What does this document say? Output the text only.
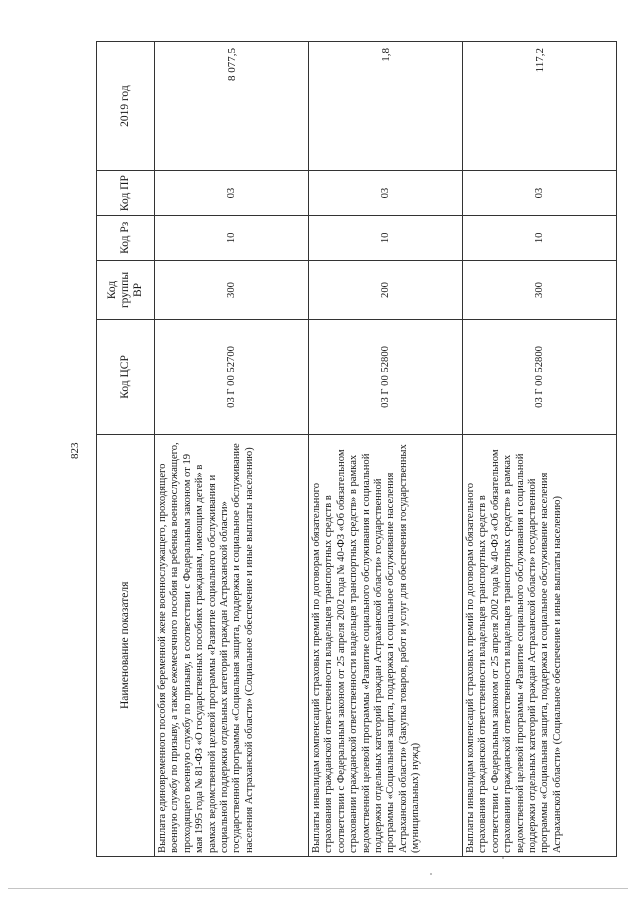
823
Наименование показателя	Код ЦСР	Код группы ВР	Код Рз	Код ПР	2019 год
Выплата единовременного пособия беременной жене военнослужащего, проходящего военную службу по призыву, а также ежемесячного пособия на ребенка военнослужащего, проходящего военную службу по призыву, в соответствии с Федеральным законом от 19 мая 1995 года № 81-ФЗ «О государственных пособиях гражданам, имеющим детей» в рамках ведомственной целевой программы «Развитие социального обслуживания и социальной поддержки отдельных категорий граждан Астраханской области» государственной программы «Социальная защита, поддержка и социальное обслуживание населения Астраханской области» (Социальное обеспечение и иные выплаты населению)	03 Г 00 52700	300	10	03	8 077,5
Выплаты инвалидам компенсаций страховых премий по договорам обязательного страхования гражданской ответственности владельцев транспортных средств в соответствии с Федеральным законом от 25 апреля 2002 года № 40-ФЗ «Об обязательном страховании гражданской ответственности владельцев транспортных средств» в рамках ведомственной целевой программы «Развитие социального обслуживания и социальной поддержки отдельных категорий граждан Астраханской области» государственной программы «Социальная защита, поддержка и социальное обслуживание населения Астраханской области» (Закупка товаров, работ и услуг для обеспечения государственных (муниципальных) нужд)	03 Г 00 52800	200	10	03	1,8
Выплаты инвалидам компенсаций страховых премий по договорам обязательного страхования гражданской ответственности владельцев транспортных средств в соответствии с Федеральным законом от 25 апреля 2002 года № 40-ФЗ «Об обязательном страховании гражданской ответственности владельцев транспортных средств» в рамках ведомственной целевой программы «Развитие социального обслуживания и социальной поддержки отдельных категорий граждан Астраханской области» государственной программы «Социальная защита, поддержка и социальное обслуживание населения Астраханской области» (Социальное обеспечение и иные выплаты населению)	03 Г 00 52800	300	10	03	117,2
